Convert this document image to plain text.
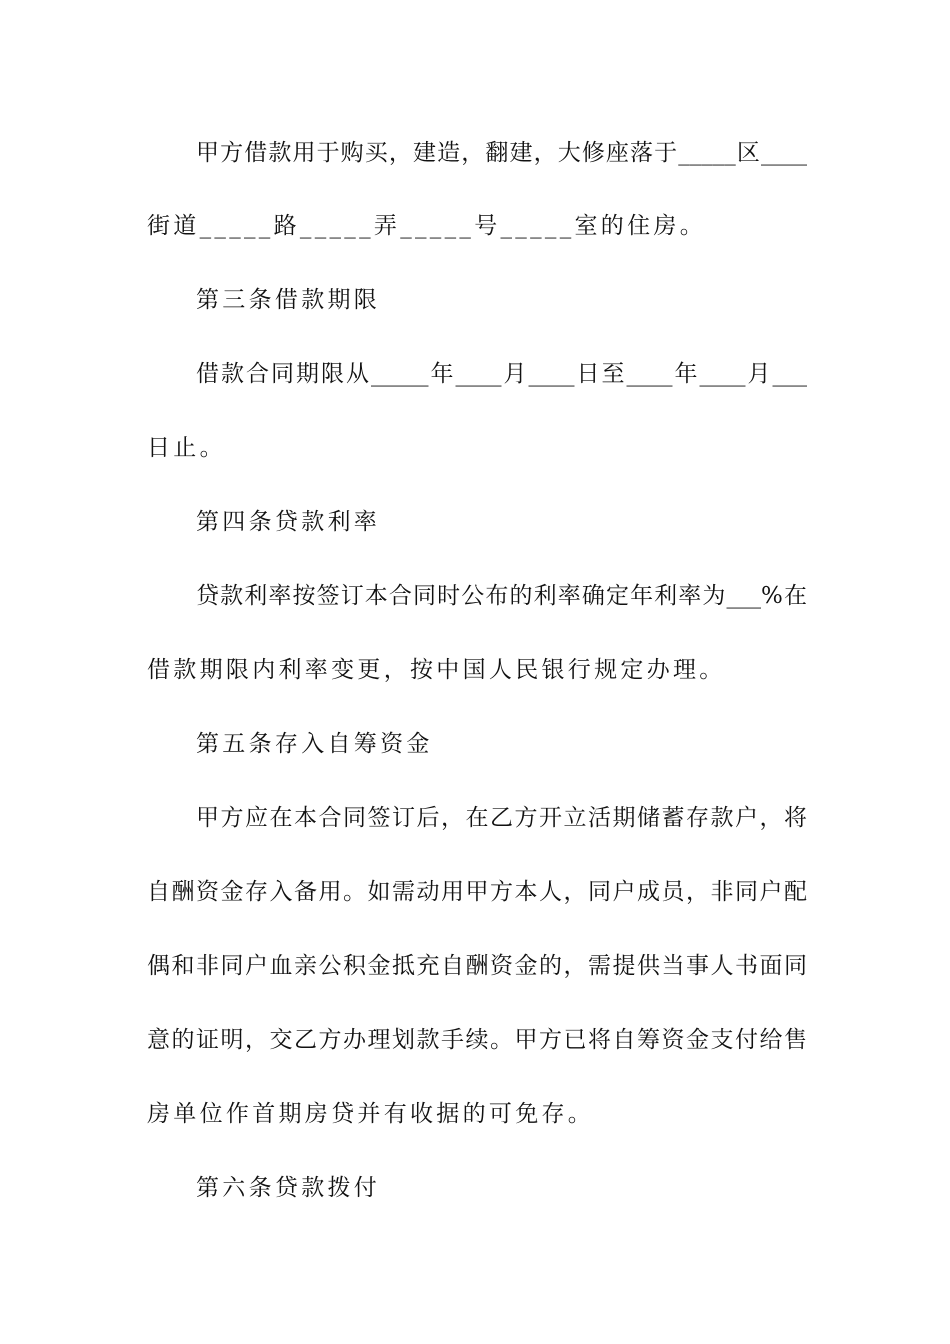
甲方借款用于购买，建造，翻建，大修座落于_____区____
街道_____路_____弄_____号_____室的住房。
第三条借款期限
借款合同期限从_____年____月____日至____年____月___
日止。
第四条贷款利率
贷款利率按签订本合同时公布的利率确定年利率为___%在
借款期限内利率变更，按中国人民银行规定办理。
第五条存入自筹资金
甲方应在本合同签订后，在乙方开立活期储蓄存款户，将
自酬资金存入备用。如需动用甲方本人，同户成员，非同户配
偶和非同户血亲公积金抵充自酬资金的，需提供当事人书面同
意的证明，交乙方办理划款手续。甲方已将自筹资金支付给售
房单位作首期房贷并有收据的可免存。
第六条贷款拨付
